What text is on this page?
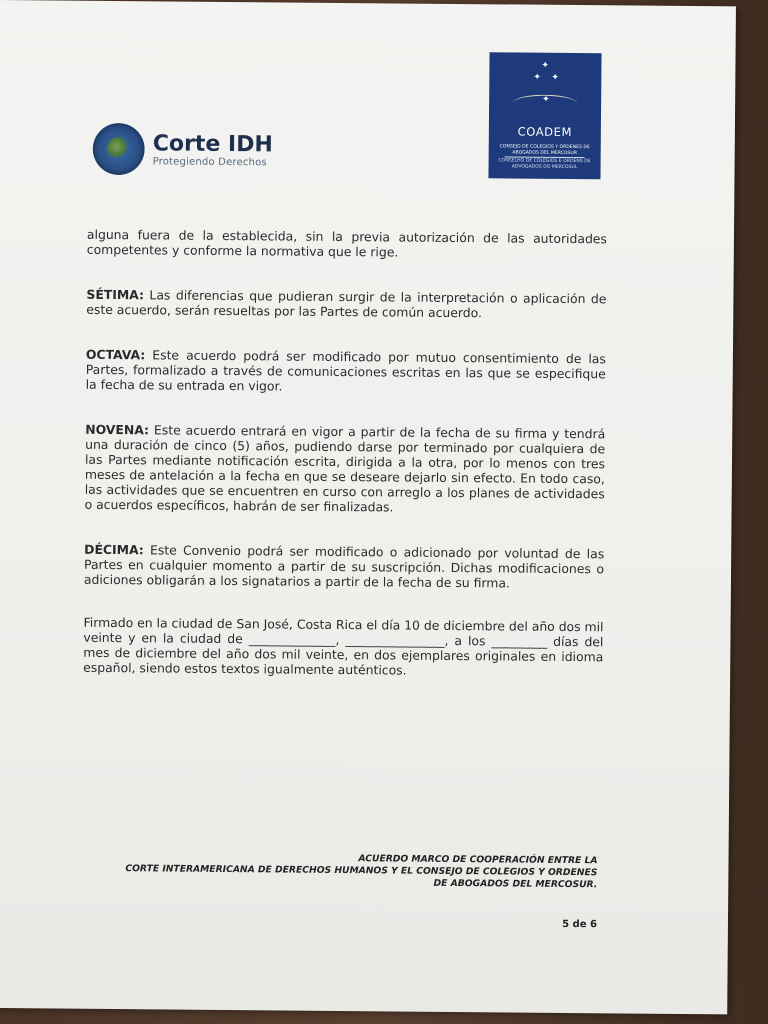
Corte IDH
Protegiendo Derechos
✦
✦ ✦
✦
COADEM
CONSEJO DE COLEGIOS Y ÓRDENES DE ABOGADOS DEL MERCOSUR
CONSELHO DE COLÉGIOS E ORDENS DE ADVOGADOS DO MERCOSUL

alguna fuera de la establecida, sin la previa autorización de las autoridades competentes y conforme la normativa que le rige.

SÉTIMA: Las diferencias que pudieran surgir de la interpretación o aplicación de este acuerdo, serán resueltas por las Partes de común acuerdo.

OCTAVA: Este acuerdo podrá ser modificado por mutuo consentimiento de las Partes, formalizado a través de comunicaciones escritas en las que se especifique la fecha de su entrada en vigor.

NOVENA: Este acuerdo entrará en vigor a partir de la fecha de su firma y tendrá una duración de cinco (5) años, pudiendo darse por terminado por cualquiera de las Partes mediante notificación escrita, dirigida a la otra, por lo menos con tres meses de antelación a la fecha en que se deseare dejarlo sin efecto. En todo caso, las actividades que se encuentren en curso con arreglo a los planes de actividades o acuerdos específicos, habrán de ser finalizadas.

DÉCIMA: Este Convenio podrá ser modificado o adicionado por voluntad de las Partes en cualquier momento a partir de su suscripción. Dichas modificaciones o adiciones obligarán a los signatarios a partir de la fecha de su firma.

Firmado en la ciudad de San José, Costa Rica el día 10 de diciembre del año dos mil veinte y en la ciudad de ______________, ________________, a los _________ días del mes de diciembre del año dos mil veinte, en dos ejemplares originales en idioma español, siendo estos textos igualmente auténticos.

ACUERDO MARCO DE COOPERACIÓN ENTRE LA
CORTE INTERAMERICANA DE DERECHOS HUMANOS Y EL CONSEJO DE COLEGIOS Y ORDENES
DE ABOGADOS DEL MERCOSUR.
5 de 6
